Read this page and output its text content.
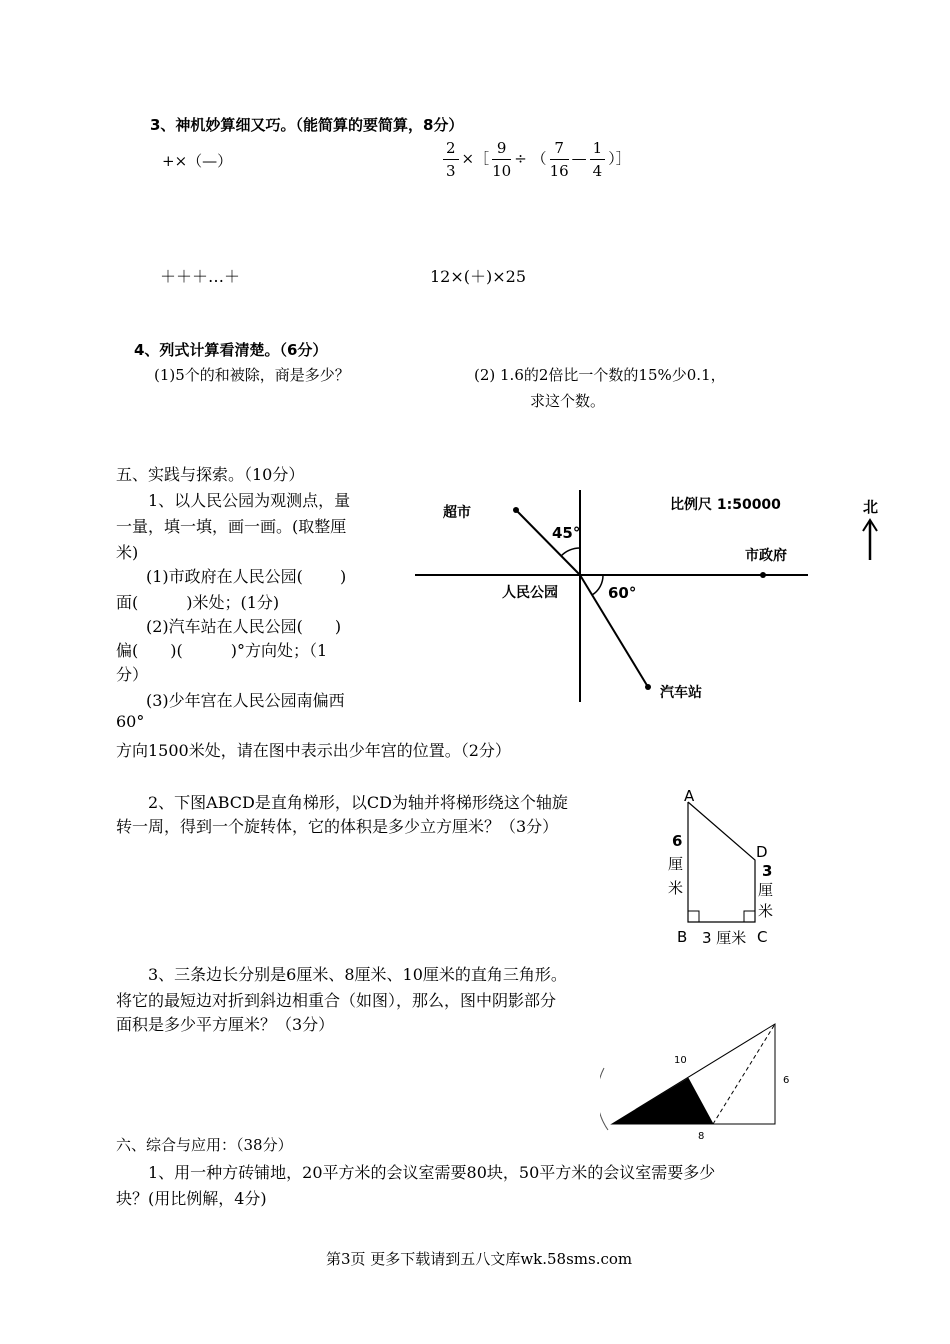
3、神机妙算细又巧。（能简算的要简算，8分）
+×（—）	$\frac{2}{3}$ ×［ $\frac{9}{10}$ ÷ （ $\frac{7}{16}$ — $\frac{1}{4}$ ）］
＋＋＋…＋	12×(＋)×25
4、列式计算看清楚。（6分）
(1)5个的和被除，商是多少？	(2) 1.6的2倍比一个数的15%少0.1，
求这个数。
五、实践与探索。（10分）
1、以人民公园为观测点，量
一量，填一填，画一画。(取整厘
米)
(1)市政府在人民公园(　　 )
面(　　　)米处；(1分)
(2)汽车站在人民公园(　　)
偏(　　)(　　　)°方向处；（1
分）
(3)少年宫在人民公园南偏西
60°
方向1500米处，请在图中表示出少年宫的位置。（2分）
超市
45°
比例尺 1:50000
市政府
人民公园	60°
汽车站
北
2、下图ABCD是直角梯形，以CD为轴并将梯形绕这个轴旋
转一周，得到一个旋转体，它的体积是多少立方厘米？（3分）
A
D
B	C
6
厘
米
3
厘
米
3 厘米
3、三条边长分别是6厘米、8厘米、10厘米的直角三角形。
将它的最短边对折到斜边相重合（如图），那么，图中阴影部分
面积是多少平方厘米？（3分）
10
6
8
六、综合与应用：（38分）
1、用一种方砖铺地，20平方米的会议室需要80块，50平方米的会议室需要多少
块？(用比例解，4分)
第3页 更多下载请到五八文库wk.58sms.com
